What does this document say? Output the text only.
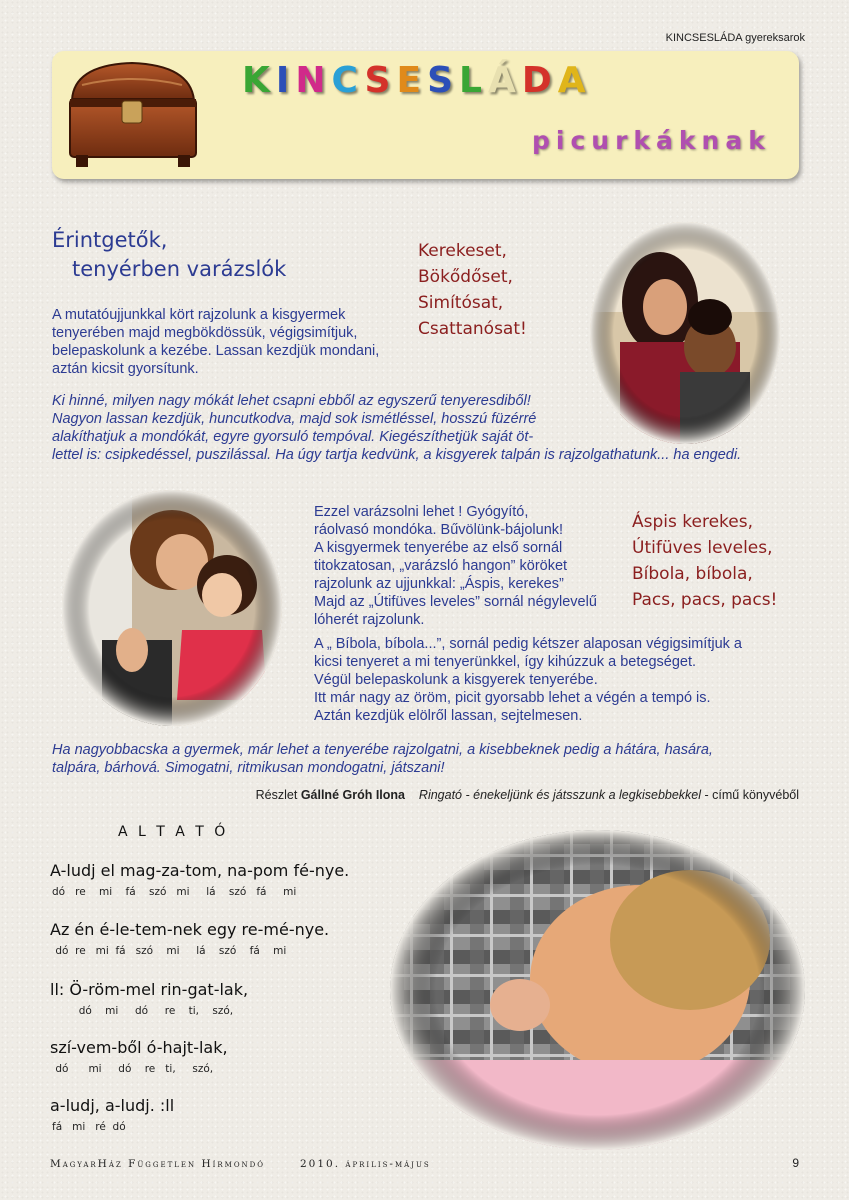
KINCSESLÁDA gyereksarok
KINCSESLÁDA
picurkáknak
Érintgetők,
tenyérben varázslók
A mutatóujjunkkal kört rajzolunk a kisgyermek
tenyerében majd megbökdössük, végigsimítjuk,
belepaskolunk a kezébe. Lassan kezdjük mondani,
aztán kicsit gyorsítunk.
Kerekeset,
Bökődőset,
Simítósat,
Csattanósat!
Ki hinné, milyen nagy mókát lehet csapni ebből az egyszerű tenyeresdiből!
Nagyon lassan kezdjük, huncutkodva, majd sok ismétléssel, hosszú füzérré
alakíthatjuk a mondókát, egyre gyorsuló tempóval. Kiegészíthetjük saját öt-
lettel is: csipkedéssel, puszilással. Ha úgy tartja kedvünk, a kisgyerek talpán is rajzolgathatunk... ha engedi.
Ezzel varázsolni lehet ! Gyógyító,
ráolvasó mondóka. Bűvölünk-bájolunk!
A kisgyermek tenyerébe az első sornál
titokzatosan, „varázsló hangon” köröket
rajzolunk az ujjunkkal: „Áspis, kerekes”
Majd az „Útifüves leveles” sornál négylevelű
lóherét rajzolunk.
Áspis kerekes,
Útifüves leveles,
Bíbola, bíbola,
Pacs, pacs, pacs!
A „ Bíbola, bíbola...”, sornál pedig kétszer alaposan végigsimítjuk a
kicsi tenyeret a mi tenyerünkkel, így kihúzzuk a betegséget.
Végül belepaskolunk a kisgyerek tenyerébe.
Itt már nagy az öröm, picit gyorsabb lehet a végén a tempó is.
Aztán kezdjük elölről lassan, sejtelmesen.
Ha nagyobbacska a gyermek, már lehet a tenyerébe rajzolgatni, a kisebbeknek pedig a hátára, hasára,
talpára, bárhová. Simogatni, ritmikusan mondogatni, játszani!
Részlet Gállné Gróh Ilona Ringató - énekeljünk és játsszunk a legkisebbekkel - című könyvéből
A L T A T Ó
A-ludj el mag-za-tom, na-pom fé-nye.
dó   re    mi    fá    szó   mi     lá    szó   fá     mi
Az én é-le-tem-nek egy re-mé-nye.
dó  re   mi  fá   szó    mi     lá    szó    fá    mi
ll: Ö-röm-mel rin-gat-lak,
dó    mi     dó     re    ti,    szó,
szí-vem-ből ó-hajt-lak,
dó      mi     dó    re   ti,     szó,
a-ludj, a-ludj. :ll
fá   mi   ré  dó
MagyarHáz Független Hírmondó	2010. április-május	9
